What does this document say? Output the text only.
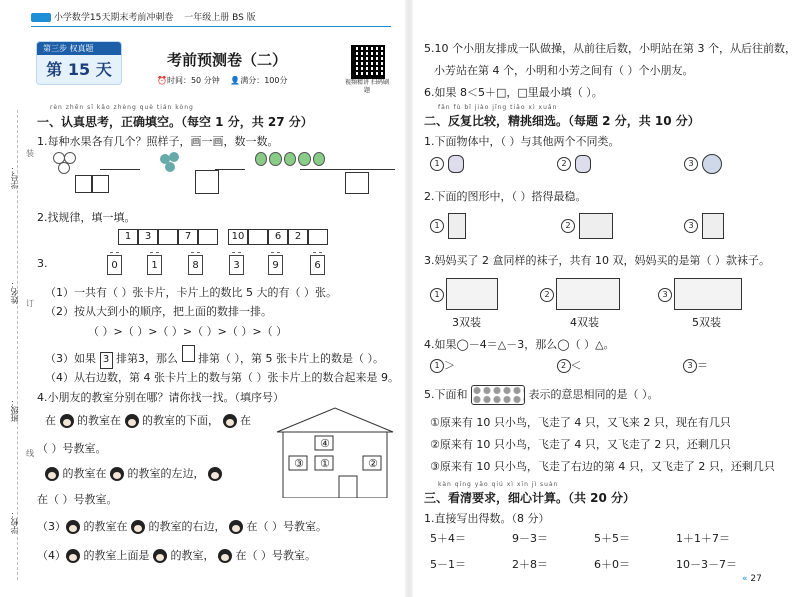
小学数学15天期末考前冲刺卷 一年级上册 BS 版
第三步 权真题
第 15 天	考前预测卷（二）
⏰时间：50 分钟 👤满分：100分	视频精讲 扫码刷题
学号：
姓名：
班级：
学校：
装
订
线
rèn zhēn sī kǎo zhèng què tián kòng
一、认真思考，正确填空。（每空 1 分，共 27 分）
1.每种水果各有几个？照样子，画一画，数一数。
2.找规律，填一填。
1	3	7	10	6	2
3.	0	1	8	3	9	6
（1）一共有（ ）张卡片，卡片上的数比 5 大的有（ ）张。
（2）按从大到小的顺序，把上面的数排一排。
（ ）>（ ）>（ ）>（ ）>（ ）>（ ）
（3）如果 3 排第3，那么 排第（ ），第 5 张卡片上的数是（ ）。
（4）从右边数，第 4 张卡片上的数与第（ ）张卡片上的数合起来是 9。
4.小朋友的教室分别在哪？请你找一找。（填序号）
在 的教室在 的教室的下面， 在
（ ）号教室。
的教室在 的教室的左边，
在（ ）号教室。
（3） 的教室在 的教室的右边， 在（ ）号教室。
（4） 的教室上面是 的教室， 在（ ）号教室。
④
①
③	②
5.10 个小朋友排成一队做操，从前往后数，小明站在第 3 个，从后往前数，
小芳站在第 4 个，小明和小芳之间有（ ）个小朋友。
6.如果 8＜5＋□，□里最小填（ ）。
fǎn fù bǐ jiào jīng tiāo xì xuǎn
二、反复比较，精挑细选。（每题 2 分，共 10 分）
1.下面物体中，（ ）与其他两个不同类。
1	2	3
2.下面的图形中，（ ）搭得最稳。
1	2	3
3.妈妈买了 2 盒同样的袜子，共有 10 双，妈妈买的是第（ ）款袜子。
1
3双装
2
4双装
3
5双装
4.如果◯－4＝△－3，那么◯（ ）△。
1 ＞	2 ＜	3 ＝
5.下面和	表示的意思相同的是（ ）。
①原来有 10 只小鸟，飞走了 4 只，又飞来 2 只，现在有几只
②原来有 10 只小鸟，飞走了 4 只，又飞走了 2 只，还剩几只
③原来有 10 只小鸟，飞走了右边的第 4 只，又飞走了 2 只，还剩几只
kàn qīng yāo qiú xì xīn jì suàn
三、看清要求，细心计算。（共 20 分）
1.直接写出得数。（8 分）
5＋4＝	9－3＝	5＋5＝	1＋1＋7＝
5－1＝	2＋8＝	6＋0＝	10－3－7＝
« 27
